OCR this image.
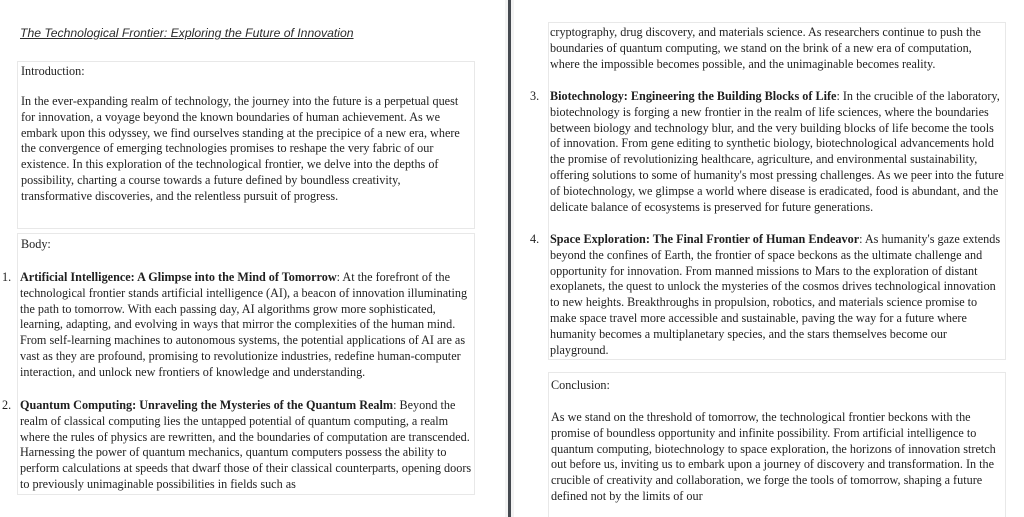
The Technological Frontier: Exploring the Future of Innovation
Introduction:
In the ever-expanding realm of technology, the journey into the future is a perpetual quest for innovation, a voyage beyond the known boundaries of human achievement. As we embark upon this odyssey, we find ourselves standing at the precipice of a new era, where the convergence of emerging technologies promises to reshape the very fabric of our existence. In this exploration of the technological frontier, we delve into the depths of possibility, charting a course towards a future defined by boundless creativity, transformative discoveries, and the relentless pursuit of progress.
Body:
1. Artificial Intelligence: A Glimpse into the Mind of Tomorrow: At the forefront of the technological frontier stands artificial intelligence (AI), a beacon of innovation illuminating the path to tomorrow. With each passing day, AI algorithms grow more sophisticated, learning, adapting, and evolving in ways that mirror the complexities of the human mind. From self-learning machines to autonomous systems, the potential applications of AI are as vast as they are profound, promising to revolutionize industries, redefine human-computer interaction, and unlock new frontiers of knowledge and understanding.
2. Quantum Computing: Unraveling the Mysteries of the Quantum Realm: Beyond the realm of classical computing lies the untapped potential of quantum computing, a realm where the rules of physics are rewritten, and the boundaries of computation are transcended. Harnessing the power of quantum mechanics, quantum computers possess the ability to perform calculations at speeds that dwarf those of their classical counterparts, opening doors to previously unimaginable possibilities in fields such as
cryptography, drug discovery, and materials science. As researchers continue to push the boundaries of quantum computing, we stand on the brink of a new era of computation, where the impossible becomes possible, and the unimaginable becomes reality.
3. Biotechnology: Engineering the Building Blocks of Life: In the crucible of the laboratory, biotechnology is forging a new frontier in the realm of life sciences, where the boundaries between biology and technology blur, and the very building blocks of life become the tools of innovation. From gene editing to synthetic biology, biotechnological advancements hold the promise of revolutionizing healthcare, agriculture, and environmental sustainability, offering solutions to some of humanity's most pressing challenges. As we peer into the future of biotechnology, we glimpse a world where disease is eradicated, food is abundant, and the delicate balance of ecosystems is preserved for future generations.
4. Space Exploration: The Final Frontier of Human Endeavor: As humanity's gaze extends beyond the confines of Earth, the frontier of space beckons as the ultimate challenge and opportunity for innovation. From manned missions to Mars to the exploration of distant exoplanets, the quest to unlock the mysteries of the cosmos drives technological innovation to new heights. Breakthroughs in propulsion, robotics, and materials science promise to make space travel more accessible and sustainable, paving the way for a future where humanity becomes a multiplanetary species, and the stars themselves become our playground.
Conclusion:
As we stand on the threshold of tomorrow, the technological frontier beckons with the promise of boundless opportunity and infinite possibility. From artificial intelligence to quantum computing, biotechnology to space exploration, the horizons of innovation stretch out before us, inviting us to embark upon a journey of discovery and transformation. In the crucible of creativity and collaboration, we forge the tools of tomorrow, shaping a future defined not by the limits of our
